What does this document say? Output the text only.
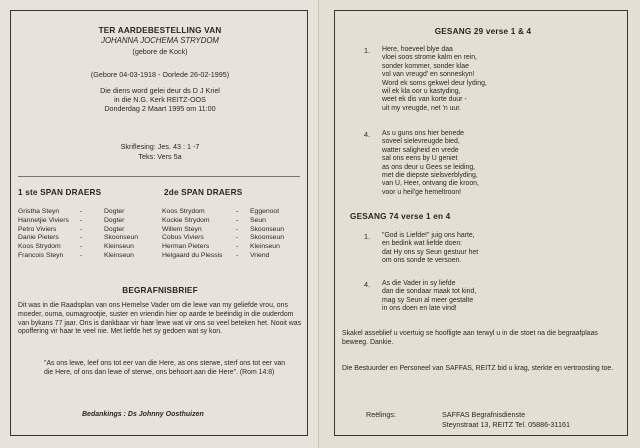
TER AARDEBESTELLING VAN
JOHANNA JOCHEMA STRYDOM
(gebore de Kock)
(Gebore 04-03-1918 - Oorlede 26-02-1995)
Die diens word gelei deur ds D J Kriel
in die N.G. Kerk REITZ-OOS
Donderdag 2 Maart 1995 om 11:00
Skriflesing: Jes. 43 : 1 -7
Teks: Vers 5a
1 ste SPAN DRAERS	2de SPAN DRAERS
Gristha Steyn
Hannetjie Viviers
Petro Viviers
Danie Pieters
Koos Strydom
Francois Steyn
-
-
-
-
-
-
Dogter
Dogter
Dogter
Skoonseun
Kleinseun
Kleinseun
Koos Strydom
Kockie Strydom
Willem Steyn
Cobus Viviers
Herman Pieters
Helgaard du Plessis
-
-
-
-
-
-
Eggenoot
Seun
Skoonseun
Skoonseun
Kleinseun
Vriend
BEGRAFNISBRIEF
Dit was in die Raadsplan van ons Hemelse Vader om die lewe van my geliefde vrou, ons moeder, ouma, oumagrootjie, suster en vriendin hier op aarde te beëindig in die ouderdom van bykans 77 jaar. Ons is dankbaar vir haar lewe wat vir ons so veel beteken het. Nooit was opoffering vir haar te veel nie. Met liefde het sy gedoen wat sy kon.
"As ons lewe, leef ons tot eer van die Here, as ons sterwe, sterf ons tot eer van die Here, of ons dan lewe of sterwe, ons behoort aan die Here". (Rom 14:8)
Bedankings : Ds Johnny Oosthuizen
GESANG 29 verse 1 & 4
1. Here, hoeveel blye daa
vloei soos strome kalm en rein,
sonder kommer, sonder klae
vol van vreugd' en sonneskyn!
Word ek soms gekwel deur lyding,
wil ek kla oor u kastyding,
weet ek dis van korte duur -
uit my vreugde, net 'n uur.
4. As u guns ons hier benede
soveel sielevreugde bied,
watter saligheid en vrede
sal ons eens by U geniet
as ons deur u Gees se leiding,
met die diepste sielsverblyding,
van U, Heer, ontvang die kroon,
voor u heil'ge hemeltroon!
GESANG 74 verse 1 en 4
1. "God is Liefde!" juig ons harte,
en bedink wat liefde doen:
dat Hy ons sy Seun gestuur het
om ons sonde te versoen.
4. As die Vader in sy liefde
dan die sondaar maak tot kind,
mag sy Seun al meer gestalte
in ons doen en late vind!
Skakel asseblief u voertuig se hoofligte aan terwyl u in die stoet na die begraafplaas beweeg. Dankie.
Die Bestuurder en Personeel van SAFFAS, REITZ bid u krag, sterkte en vertroosting toe.
Reëlings:	SAFFAS Begrafnisdienste
Steynstraat 13, REITZ Tel. 05886-31161
